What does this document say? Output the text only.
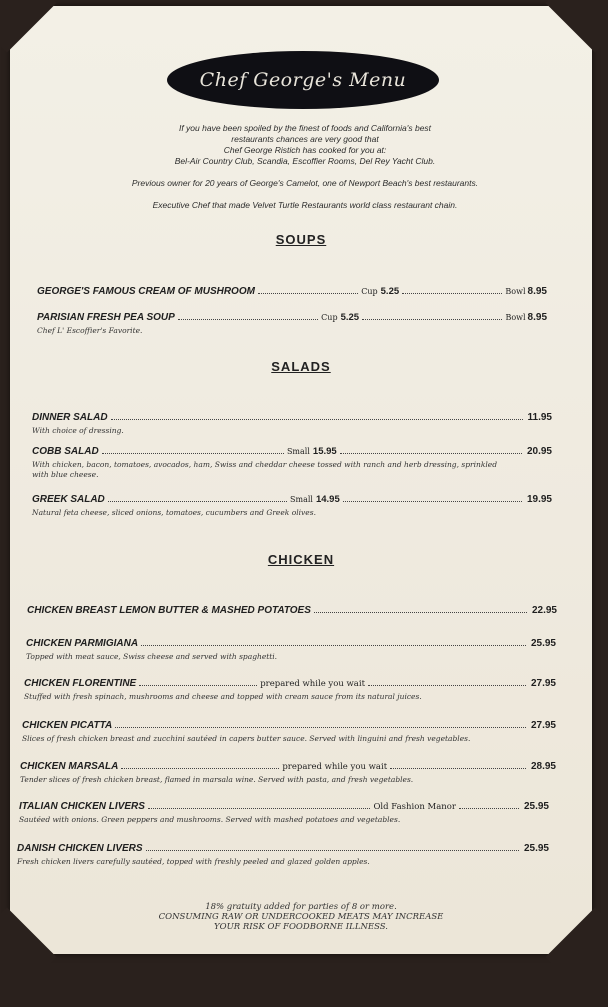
Chef George's Menu
If you have been spoiled by the finest of foods and California's best
restaurants chances are very good that
Chef George Ristich has cooked for you at:
Bel-Air Country Club, Scandia, Escoffier Rooms, Del Rey Yacht Club.
Previous owner for 20 years of George's Camelot, one of Newport Beach's best restaurants.
Executive Chef that made Velvet Turtle Restaurants world class restaurant chain.
SOUPS
GEORGE'S FAMOUS CREAM OF MUSHROOM	Cup 5.25	Bowl 8.95
PARISIAN FRESH PEA SOUP	Cup 5.25	Bowl 8.95
Chef L' Escoffier's Favorite.
SALADS
DINNER SALAD	11.95
With choice of dressing.
COBB SALAD	Small 15.95	20.95
With chicken, bacon, tomatoes, avocados, ham, Swiss and cheddar cheese tossed with ranch and herb dressing, sprinkled
with blue cheese.
GREEK SALAD	Small 14.95	19.95
Natural feta cheese, sliced onions, tomatoes, cucumbers and Greek olives.
CHICKEN
CHICKEN BREAST LEMON BUTTER & MASHED POTATOES	22.95
CHICKEN PARMIGIANA	25.95
Topped with meat sauce, Swiss cheese and served with spaghetti.
CHICKEN FLORENTINE	prepared while you wait	27.95
Stuffed with fresh spinach, mushrooms and cheese and topped with cream sauce from its natural juices.
CHICKEN PICATTA	27.95
Slices of fresh chicken breast and zucchini sautéed in capers butter sauce. Served with linguini and fresh vegetables.
CHICKEN MARSALA	prepared while you wait	28.95
Tender slices of fresh chicken breast, flamed in marsala wine. Served with pasta, and fresh vegetables.
ITALIAN CHICKEN LIVERS	Old Fashion Manor	25.95
Sautéed with onions. Green peppers and mushrooms. Served with mashed potatoes and vegetables.
DANISH CHICKEN LIVERS	25.95
Fresh chicken livers carefully sautéed, topped with freshly peeled and glazed golden apples.
18% gratuity added for parties of 8 or more.
CONSUMING RAW OR UNDERCOOKED MEATS MAY INCREASE
YOUR RISK OF FOODBORNE ILLNESS.
